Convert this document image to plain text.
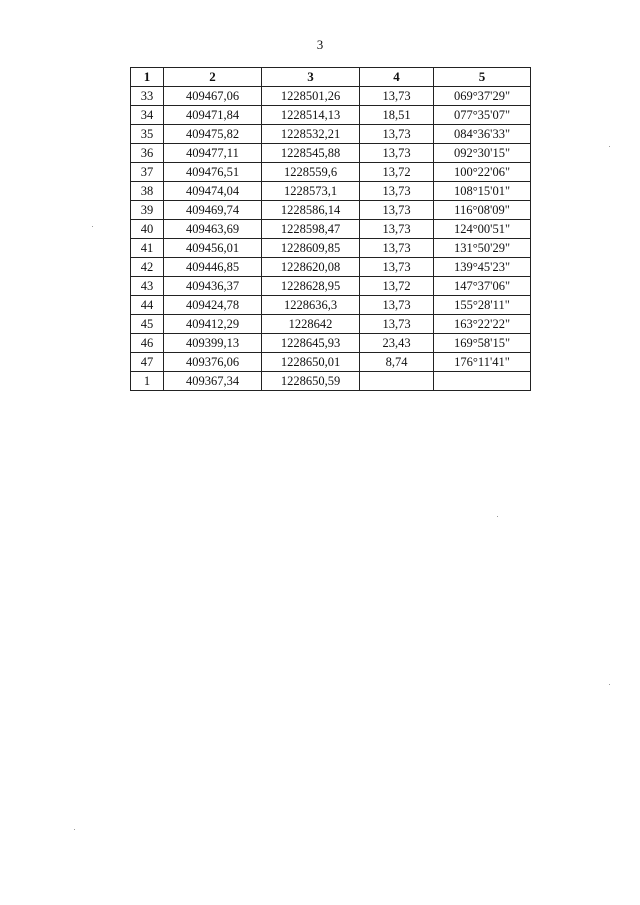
3
1	2	3	4	5
33	409467,06	1228501,26	13,73	069°37'29"
34	409471,84	1228514,13	18,51	077°35'07"
35	409475,82	1228532,21	13,73	084°36'33"
36	409477,11	1228545,88	13,73	092°30'15"
37	409476,51	1228559,6	13,72	100°22'06"
38	409474,04	1228573,1	13,73	108°15'01"
39	409469,74	1228586,14	13,73	116°08'09"
40	409463,69	1228598,47	13,73	124°00'51"
41	409456,01	1228609,85	13,73	131°50'29"
42	409446,85	1228620,08	13,73	139°45'23"
43	409436,37	1228628,95	13,72	147°37'06"
44	409424,78	1228636,3	13,73	155°28'11"
45	409412,29	1228642	13,73	163°22'22"
46	409399,13	1228645,93	23,43	169°58'15"
47	409376,06	1228650,01	8,74	176°11'41"
1	409367,34	1228650,59		
